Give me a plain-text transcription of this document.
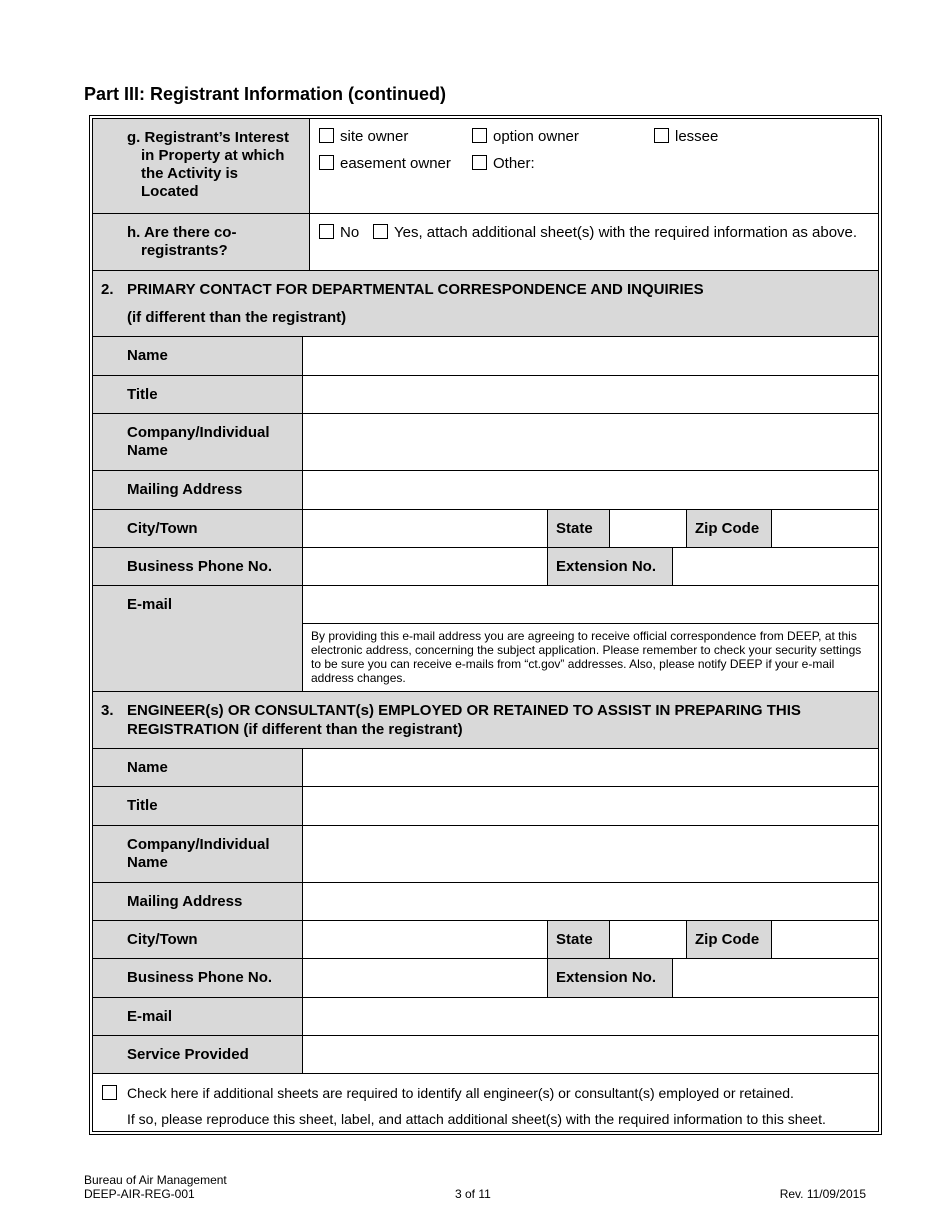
Part III: Registrant Information (continued)
g. Registrant’s Interest
in Property at which
the Activity is
Located
site owner	option owner	lessee
easement owner	Other:
h. Are there co-
registrants?
No	Yes, attach additional sheet(s) with the required information as above.
2. PRIMARY CONTACT FOR DEPARTMENTAL CORRESPONDENCE AND INQUIRIES
(if different than the registrant)
Name
Title
Company/Individual
Name
Mailing Address
City/Town	State	Zip Code
Business Phone No.	Extension No.
E-mail
By providing this e-mail address you are agreeing to receive official correspondence from DEEP, at this electronic address, concerning the subject application. Please remember to check your security settings to be sure you can receive e-mails from “ct.gov” addresses. Also, please notify DEEP if your e-mail address changes.
3. ENGINEER(s) OR CONSULTANT(s) EMPLOYED OR RETAINED TO ASSIST IN PREPARING THIS
REGISTRATION (if different than the registrant)
Name
Title
Company/Individual
Name
Mailing Address
City/Town	State	Zip Code
Business Phone No.	Extension No.
E-mail
Service Provided
Check here if additional sheets are required to identify all engineer(s) or consultant(s) employed or retained.
If so, please reproduce this sheet, label, and attach additional sheet(s) with the required information to this sheet.
Bureau of Air Management
DEEP-AIR-REG-001	3 of 11	Rev. 11/09/2015
